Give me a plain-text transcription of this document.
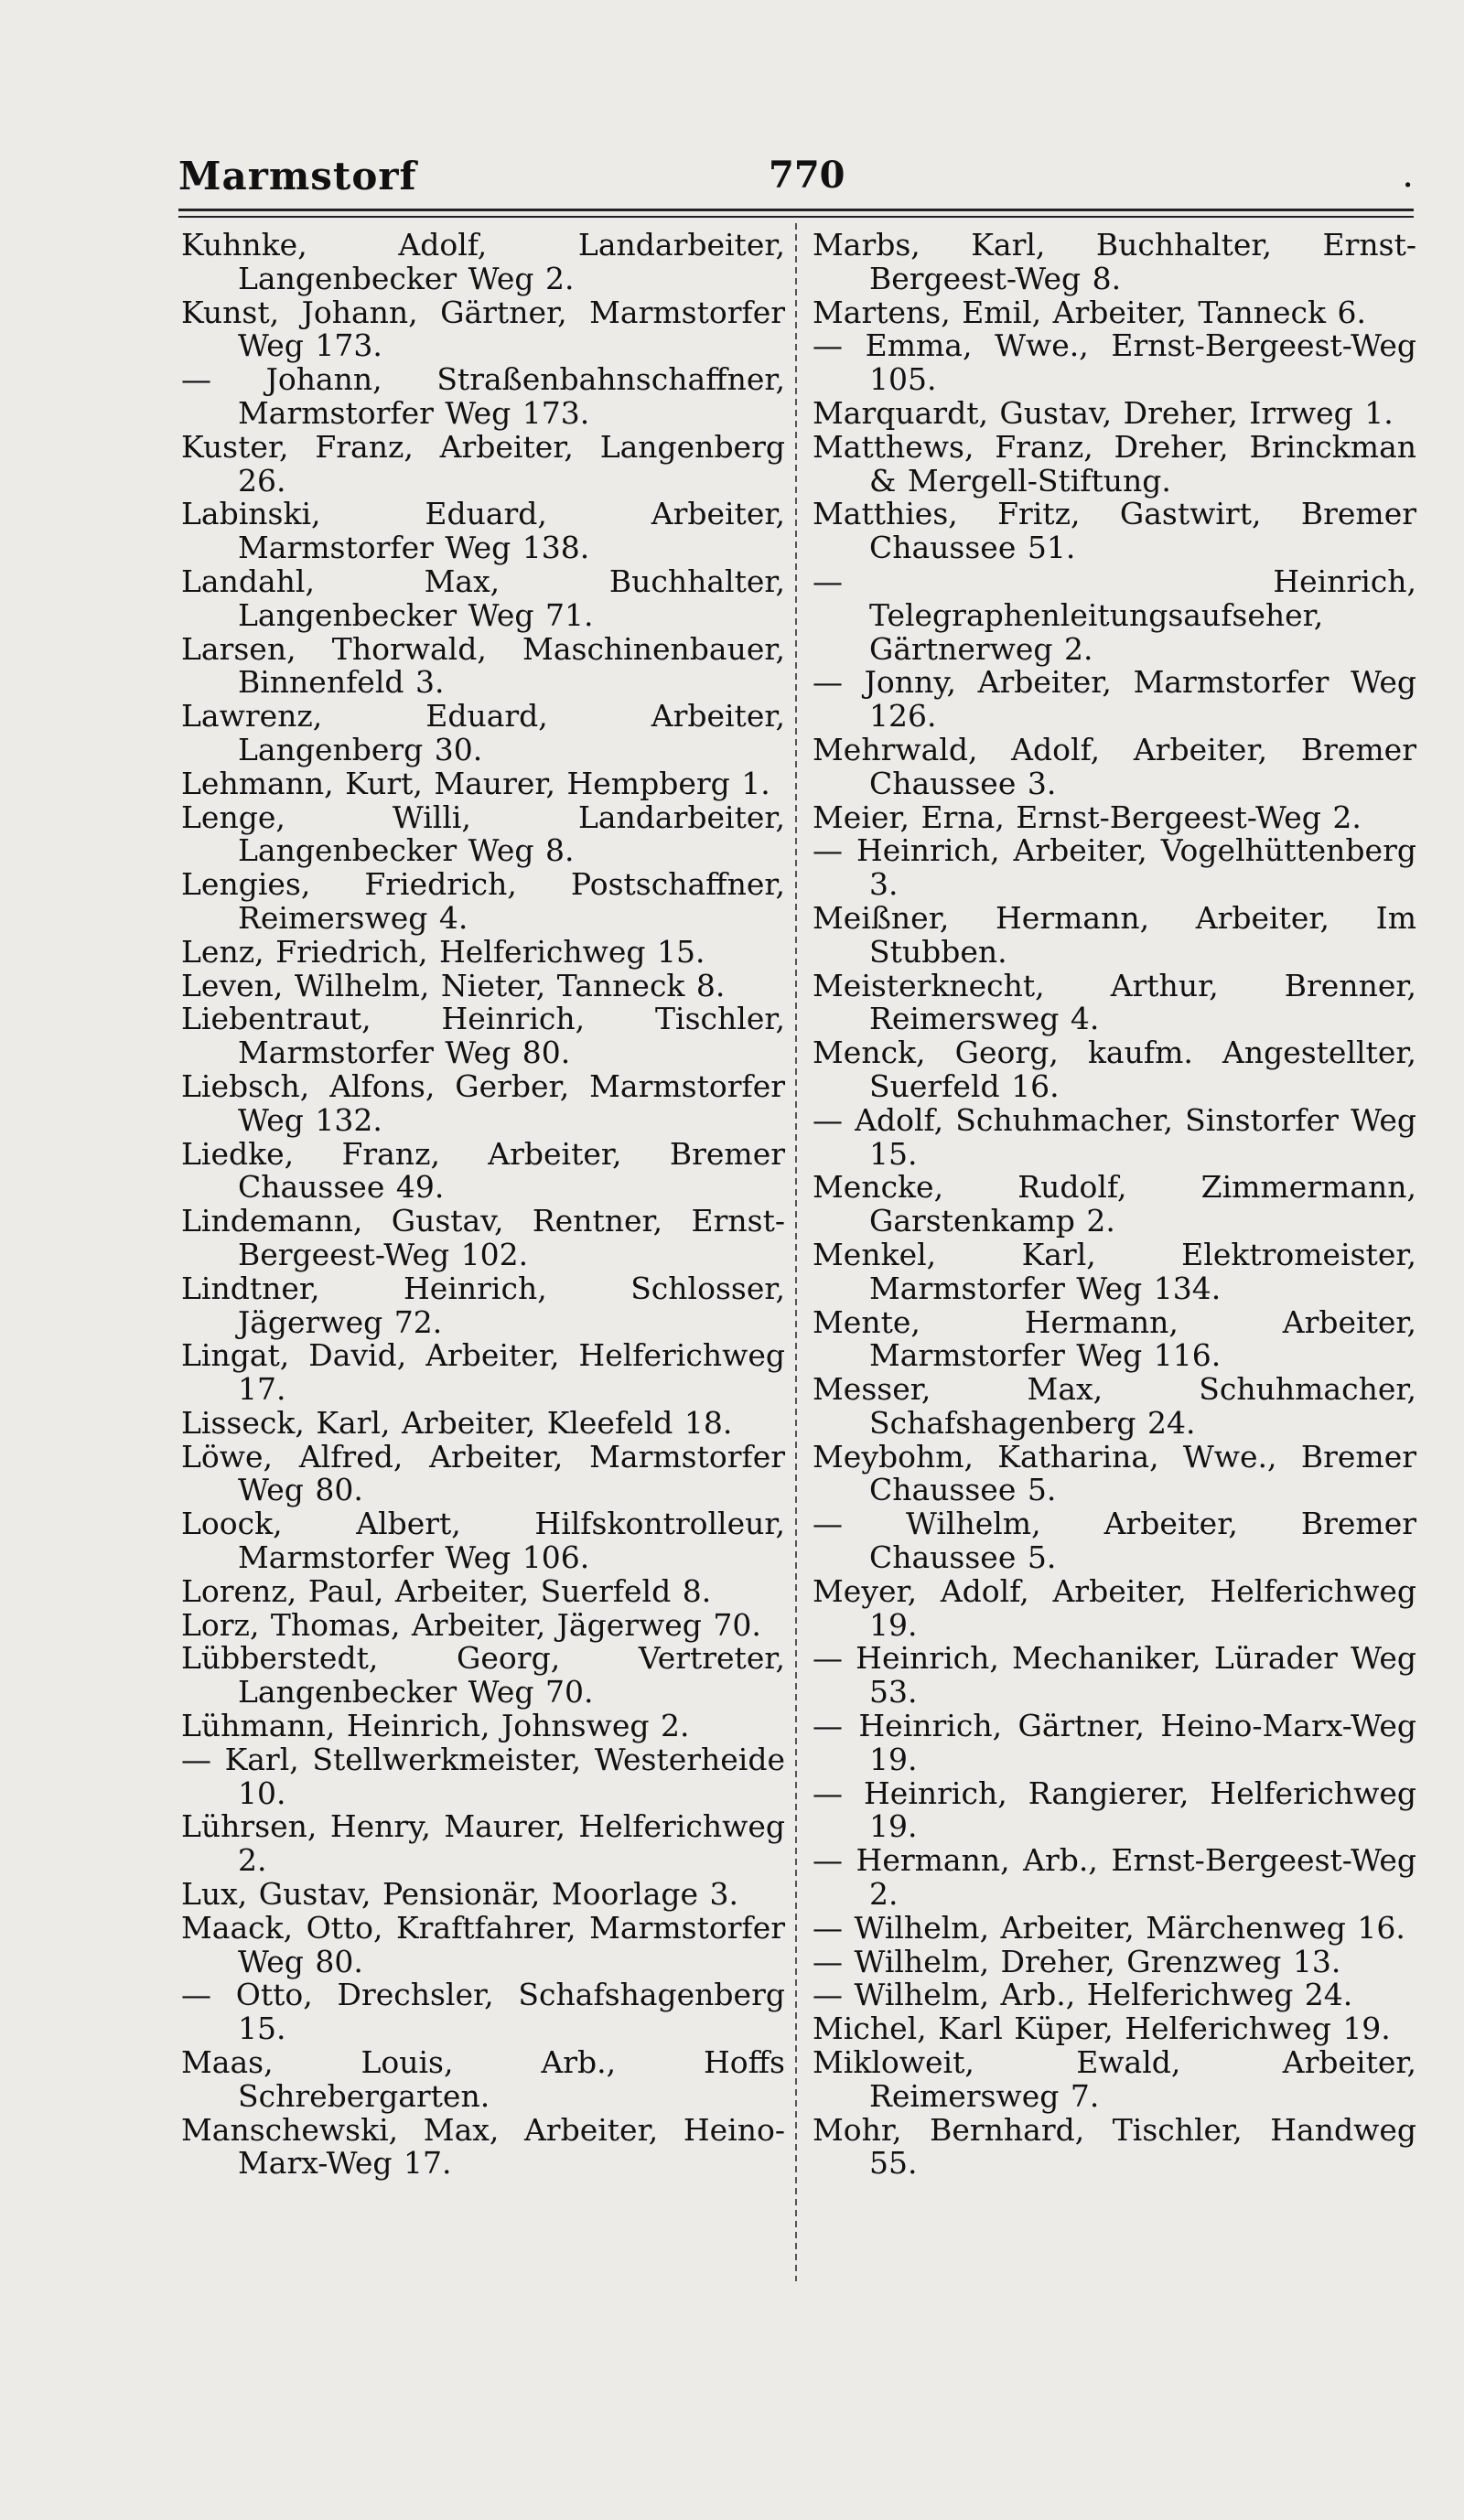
Marmstorf	770	.
Kuhnke, Adolf, Landarbeiter, Langenbecker Weg 2.
Kunst, Johann, Gärtner, Marmstorfer Weg 173.
— Johann, Straßenbahnschaffner, Marmstorfer Weg 173.
Kuster, Franz, Arbeiter, Langenberg 26.
Labinski, Eduard, Arbeiter, Marmstorfer Weg 138.
Landahl, Max, Buchhalter, Langenbecker Weg 71.
Larsen, Thorwald, Maschinenbauer, Binnenfeld 3.
Lawrenz, Eduard, Arbeiter, Langenberg 30.
Lehmann, Kurt, Maurer, Hempberg 1.
Lenge, Willi, Landarbeiter, Langenbecker Weg 8.
Lengies, Friedrich, Postschaffner, Reimersweg 4.
Lenz, Friedrich, Helferichweg 15.
Leven, Wilhelm, Nieter, Tanneck 8.
Liebentraut, Heinrich, Tischler, Marmstorfer Weg 80.
Liebsch, Alfons, Gerber, Marmstorfer Weg 132.
Liedke, Franz, Arbeiter, Bremer Chaussee 49.
Lindemann, Gustav, Rentner, Ernst-Bergeest-Weg 102.
Lindtner, Heinrich, Schlosser, Jägerweg 72.
Lingat, David, Arbeiter, Helferichweg 17.
Lisseck, Karl, Arbeiter, Kleefeld 18.
Löwe, Alfred, Arbeiter, Marmstorfer Weg 80.
Loock, Albert, Hilfskontrolleur, Marmstorfer Weg 106.
Lorenz, Paul, Arbeiter, Suerfeld 8.
Lorz, Thomas, Arbeiter, Jägerweg 70.
Lübberstedt, Georg, Vertreter, Langenbecker Weg 70.
Lühmann, Heinrich, Johnsweg 2.
— Karl, Stellwerkmeister, Westerheide 10.
Lührsen, Henry, Maurer, Helferichweg 2.
Lux, Gustav, Pensionär, Moorlage 3.
Maack, Otto, Kraftfahrer, Marmstorfer Weg 80.
— Otto, Drechsler, Schafshagenberg 15.
Maas, Louis, Arb., Hoffs Schrebergarten.
Manschewski, Max, Arbeiter, Heino-Marx-Weg 17.
Marbs, Karl, Buchhalter, Ernst-Bergeest-Weg 8.
Martens, Emil, Arbeiter, Tanneck 6.
— Emma, Wwe., Ernst-Bergeest-Weg 105.
Marquardt, Gustav, Dreher, Irrweg 1.
Matthews, Franz, Dreher, Brinckman & Mergell-Stiftung.
Matthies, Fritz, Gastwirt, Bremer Chaussee 51.
— Heinrich, Telegraphenleitungsaufseher, Gärtnerweg 2.
— Jonny, Arbeiter, Marmstorfer Weg 126.
Mehrwald, Adolf, Arbeiter, Bremer Chaussee 3.
Meier, Erna, Ernst-Bergeest-Weg 2.
— Heinrich, Arbeiter, Vogelhüttenberg 3.
Meißner, Hermann, Arbeiter, Im Stubben.
Meisterknecht, Arthur, Brenner, Reimersweg 4.
Menck, Georg, kaufm. Angestellter, Suerfeld 16.
— Adolf, Schuhmacher, Sinstorfer Weg 15.
Mencke, Rudolf, Zimmermann, Garstenkamp 2.
Menkel, Karl, Elektromeister, Marmstorfer Weg 134.
Mente, Hermann, Arbeiter, Marmstorfer Weg 116.
Messer, Max, Schuhmacher, Schafshagenberg 24.
Meybohm, Katharina, Wwe., Bremer Chaussee 5.
— Wilhelm, Arbeiter, Bremer Chaussee 5.
Meyer, Adolf, Arbeiter, Helferichweg 19.
— Heinrich, Mechaniker, Lürader Weg 53.
— Heinrich, Gärtner, Heino-Marx-Weg 19.
— Heinrich, Rangierer, Helferichweg 19.
— Hermann, Arb., Ernst-Bergeest-Weg 2.
— Wilhelm, Arbeiter, Märchenweg 16.
— Wilhelm, Dreher, Grenzweg 13.
— Wilhelm, Arb., Helferichweg 24.
Michel, Karl Küper, Helferichweg 19.
Mikloweit, Ewald, Arbeiter, Reimersweg 7.
Mohr, Bernhard, Tischler, Handweg 55.
